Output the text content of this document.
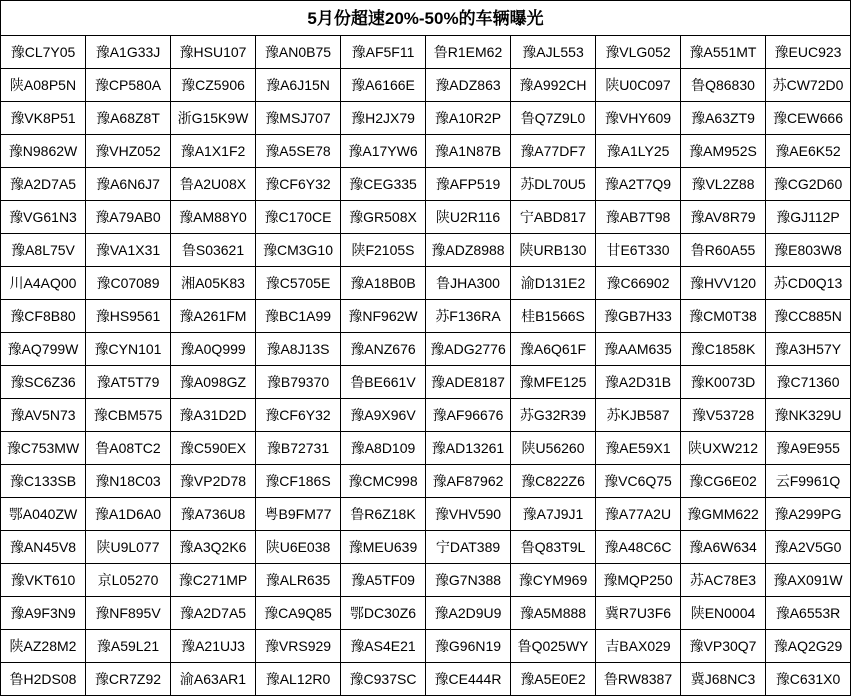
5月份超速20%-50%的车辆曝光
豫CL7Y05	豫A1G33J	豫HSU107	豫AN0B75	豫AF5F11	鲁R1EM62	豫AJL553	豫VLG052	豫A551MT	豫EUC923
陕A08P5N	豫CP580A	豫CZ5906	豫A6J15N	豫A6166E	豫ADZ863	豫A992CH	陕U0C097	鲁Q86830	苏CW72D0
豫VK8P51	豫A68Z8T	浙G15K9W	豫MSJ707	豫H2JX79	豫A10R2P	鲁Q7Z9L0	豫VHY609	豫A63ZT9	豫CEW666
豫N9862W	豫VHZ052	豫A1X1F2	豫A5SE78	豫A17YW6	豫A1N87B	豫A77DF7	豫A1LY25	豫AM952S	豫AE6K52
豫A2D7A5	豫A6N6J7	鲁A2U08X	豫CF6Y32	豫CEG335	豫AFP519	苏DL70U5	豫A2T7Q9	豫VL2Z88	豫CG2D60
豫VG61N3	豫A79AB0	豫AM88Y0	豫C170CE	豫GR508X	陕U2R116	宁ABD817	豫AB7T98	豫AV8R79	豫GJ112P
豫A8L75V	豫VA1X31	鲁S03621	豫CM3G10	陕F2105S	豫ADZ8988	陕URB130	甘E6T330	鲁R60A55	豫E803W8
川A4AQ00	豫C07089	湘A05K83	豫C5705E	豫A18B0B	鲁JHA300	渝D131E2	豫C66902	豫HVV120	苏CD0Q13
豫CF8B80	豫HS9561	豫A261FM	豫BC1A99	豫NF962W	苏F136RA	桂B1566S	豫GB7H33	豫CM0T38	豫CC885N
豫AQ799W	豫CYN101	豫A0Q999	豫A8J13S	豫ANZ676	豫ADG2776	豫A6Q61F	豫AAM635	豫C1858K	豫A3H57Y
豫SC6Z36	豫AT5T79	豫A098GZ	豫B79370	鲁BE661V	豫ADE8187	豫MFE125	豫A2D31B	豫K0073D	豫C71360
豫AV5N73	豫CBM575	豫A31D2D	豫CF6Y32	豫A9X96V	豫AF96676	苏G32R39	苏KJB587	豫V53728	豫NK329U
豫C753MW	鲁A08TC2	豫C590EX	豫B72731	豫A8D109	豫AD13261	陕U56260	豫AE59X1	陕UXW212	豫A9E955
豫C133SB	豫N18C03	豫VP2D78	豫CF186S	豫CMC998	豫AF87962	豫C822Z6	豫VC6Q75	豫CG6E02	云F9961Q
鄂A040ZW	豫A1D6A0	豫A736U8	粤B9FM77	鲁R6Z18K	豫VHV590	豫A7J9J1	豫A77A2U	豫GMM622	豫A299PG
豫AN45V8	陕U9L077	豫A3Q2K6	陕U6E038	豫MEU639	宁DAT389	鲁Q83T9L	豫A48C6C	豫A6W634	豫A2V5G0
豫VKT610	京L05270	豫C271MP	豫ALR635	豫A5TF09	豫G7N388	豫CYM969	豫MQP250	苏AC78E3	豫AX091W
豫A9F3N9	豫NF895V	豫A2D7A5	豫CA9Q85	鄂DC30Z6	豫A2D9U9	豫A5M888	冀R7U3F6	陕EN0004	豫A6553R
陕AZ28M2	豫A59L21	豫A21UJ3	豫VRS929	豫AS4E21	豫G96N19	鲁Q025WY	吉BAX029	豫VP30Q7	豫AQ2G29
鲁H2DS08	豫CR7Z92	渝A63AR1	豫AL12R0	豫C937SC	豫CE444R	豫A5E0E2	鲁RW8387	冀J68NC3	豫C631X0
